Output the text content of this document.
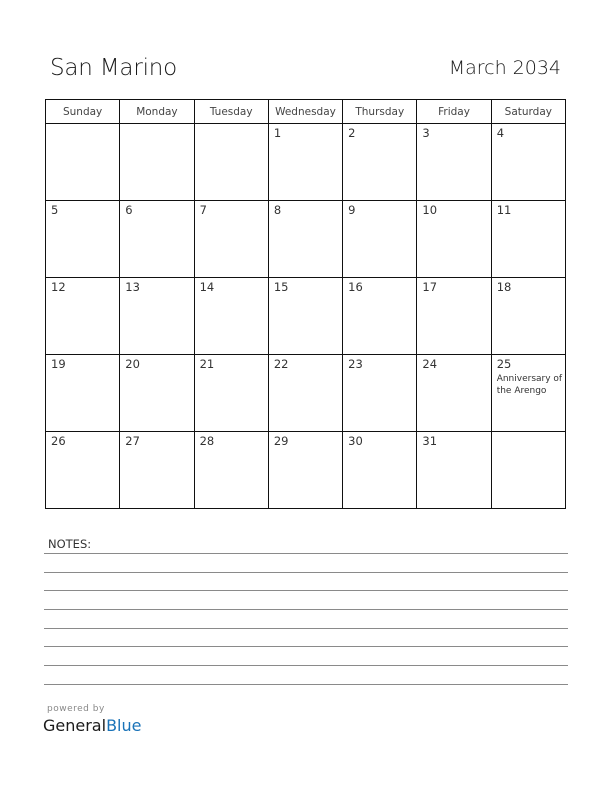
San Marino	March 2034
Sunday	Monday	Tuesday	Wednesday	Thursday	Friday	Saturday

			1	2	3	4

5	6	7	8	9	10	11

12	13	14	15	16	17	18

19	20	21	22	23	24	25
Anniversary of the Arengo

26	27	28	29	30	31	

NOTES:
powered by
GeneralBlue
